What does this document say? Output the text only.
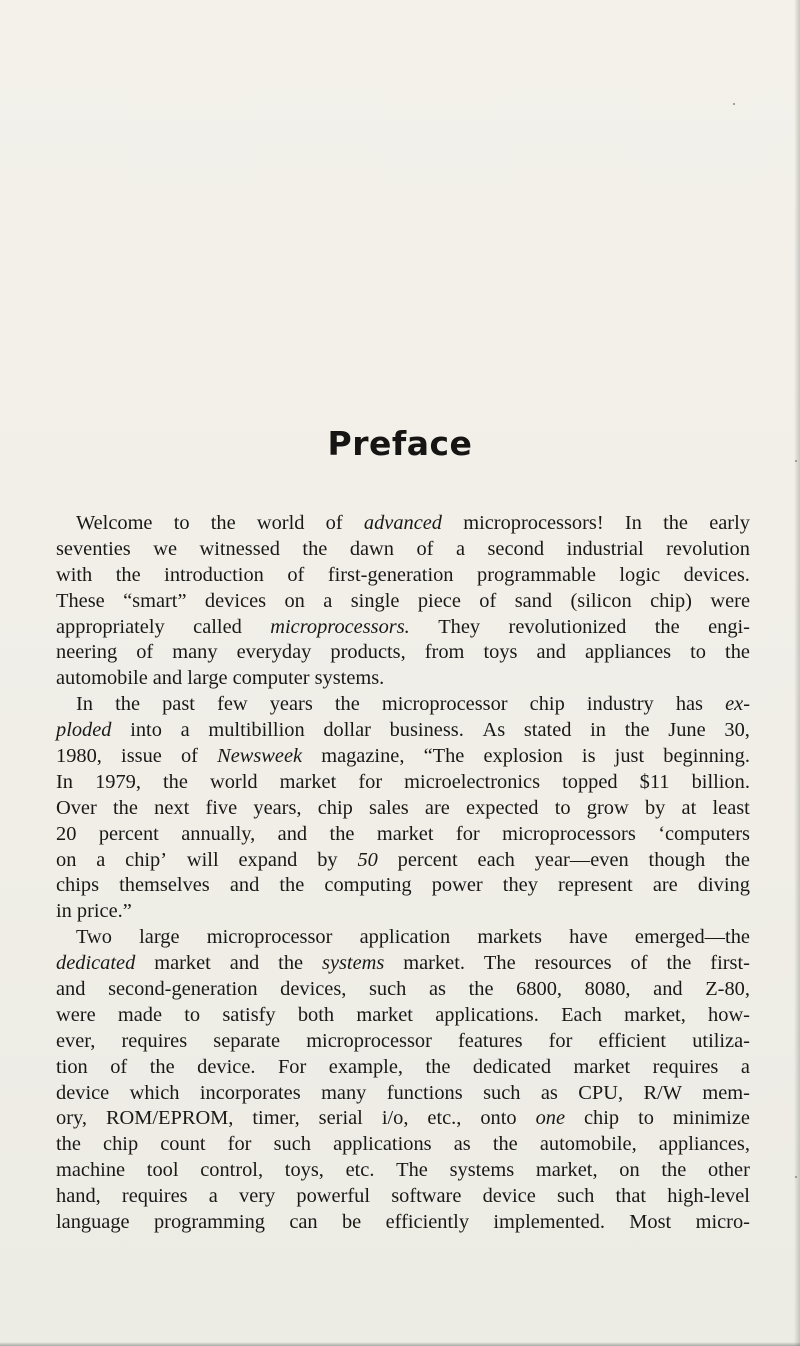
Preface
Welcome to the world of advanced microprocessors! In the early
seventies we witnessed the dawn of a second industrial revolution
with the introduction of first-generation programmable logic devices.
These “smart” devices on a single piece of sand (silicon chip) were
appropriately called microprocessors. They revolutionized the engi-
neering of many everyday products, from toys and appliances to the
automobile and large computer systems.
In the past few years the microprocessor chip industry has ex-
ploded into a multibillion dollar business. As stated in the June 30,
1980, issue of Newsweek magazine, “The explosion is just beginning.
In 1979, the world market for microelectronics topped $11 billion.
Over the next five years, chip sales are expected to grow by at least
20 percent annually, and the market for microprocessors ‘computers
on a chip’ will expand by 50 percent each year—even though the
chips themselves and the computing power they represent are diving
in price.”
Two large microprocessor application markets have emerged—the
dedicated market and the systems market. The resources of the first-
and second-generation devices, such as the 6800, 8080, and Z-80,
were made to satisfy both market applications. Each market, how-
ever, requires separate microprocessor features for efficient utiliza-
tion of the device. For example, the dedicated market requires a
device which incorporates many functions such as CPU, R/W mem-
ory, ROM/EPROM, timer, serial i/o, etc., onto one chip to minimize
the chip count for such applications as the automobile, appliances,
machine tool control, toys, etc. The systems market, on the other
hand, requires a very powerful software device such that high-level
language programming can be efficiently implemented. Most micro-
